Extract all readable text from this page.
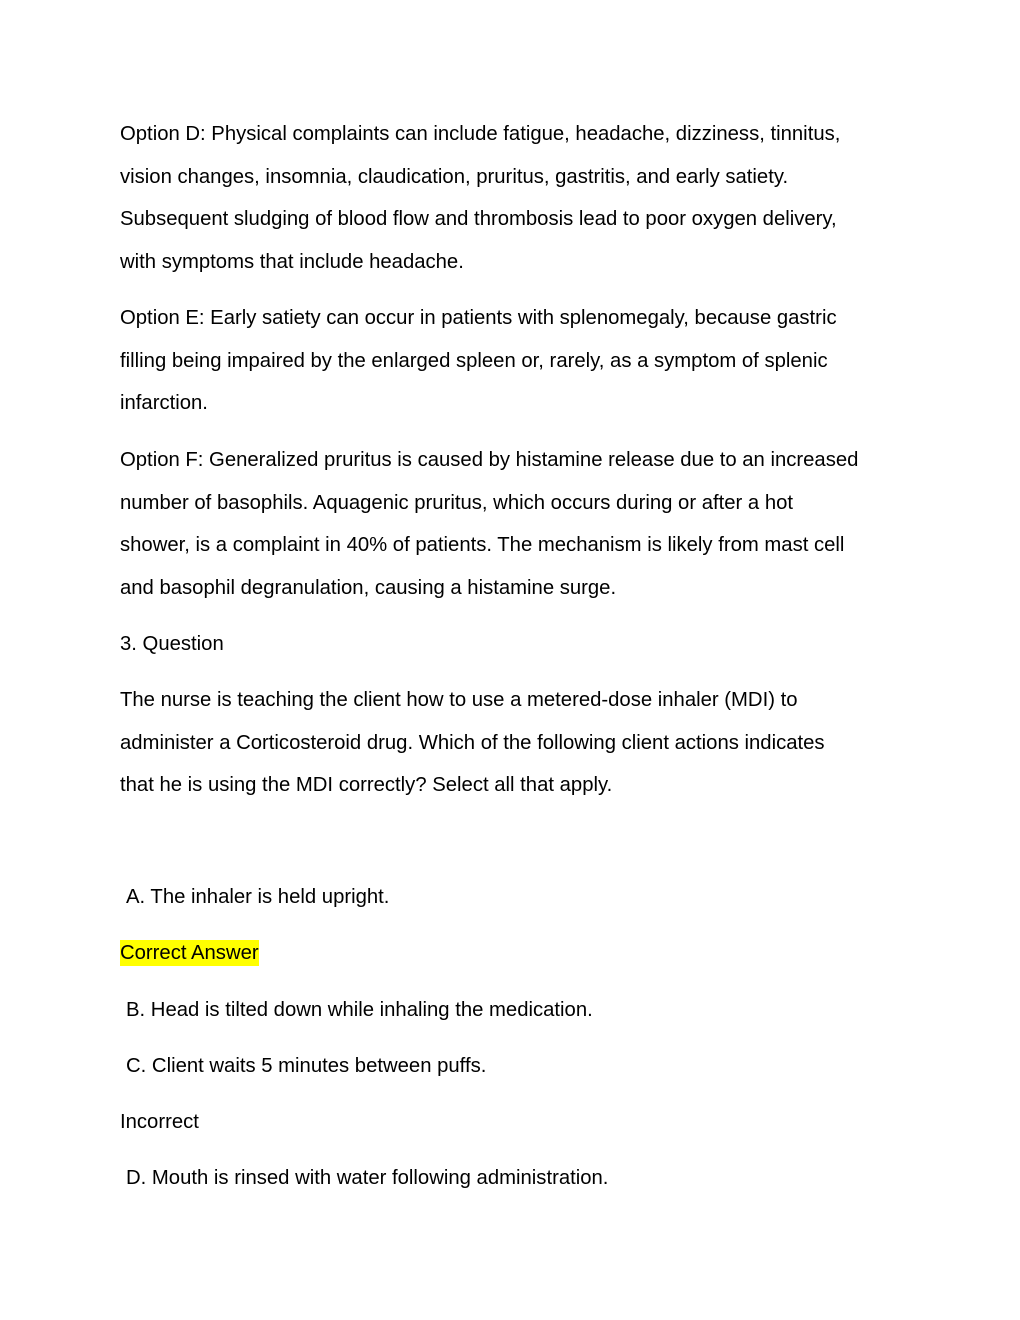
Option D: Physical complaints can include fatigue, headache, dizziness, tinnitus,
vision changes, insomnia, claudication, pruritus, gastritis, and early satiety.
Subsequent sludging of blood flow and thrombosis lead to poor oxygen delivery,
with symptoms that include headache.

Option E: Early satiety can occur in patients with splenomegaly, because gastric
filling being impaired by the enlarged spleen or, rarely, as a symptom of splenic
infarction.

Option F: Generalized pruritus is caused by histamine release due to an increased
number of basophils. Aquagenic pruritus, which occurs during or after a hot
shower, is a complaint in 40% of patients. The mechanism is likely from mast cell
and basophil degranulation, causing a histamine surge.

3. Question

The nurse is teaching the client how to use a metered-dose inhaler (MDI) to
administer a Corticosteroid drug. Which of the following client actions indicates
that he is using the MDI correctly? Select all that apply.

A. The inhaler is held upright.

Correct Answer

B. Head is tilted down while inhaling the medication.

C. Client waits 5 minutes between puffs.

Incorrect

D. Mouth is rinsed with water following administration.
